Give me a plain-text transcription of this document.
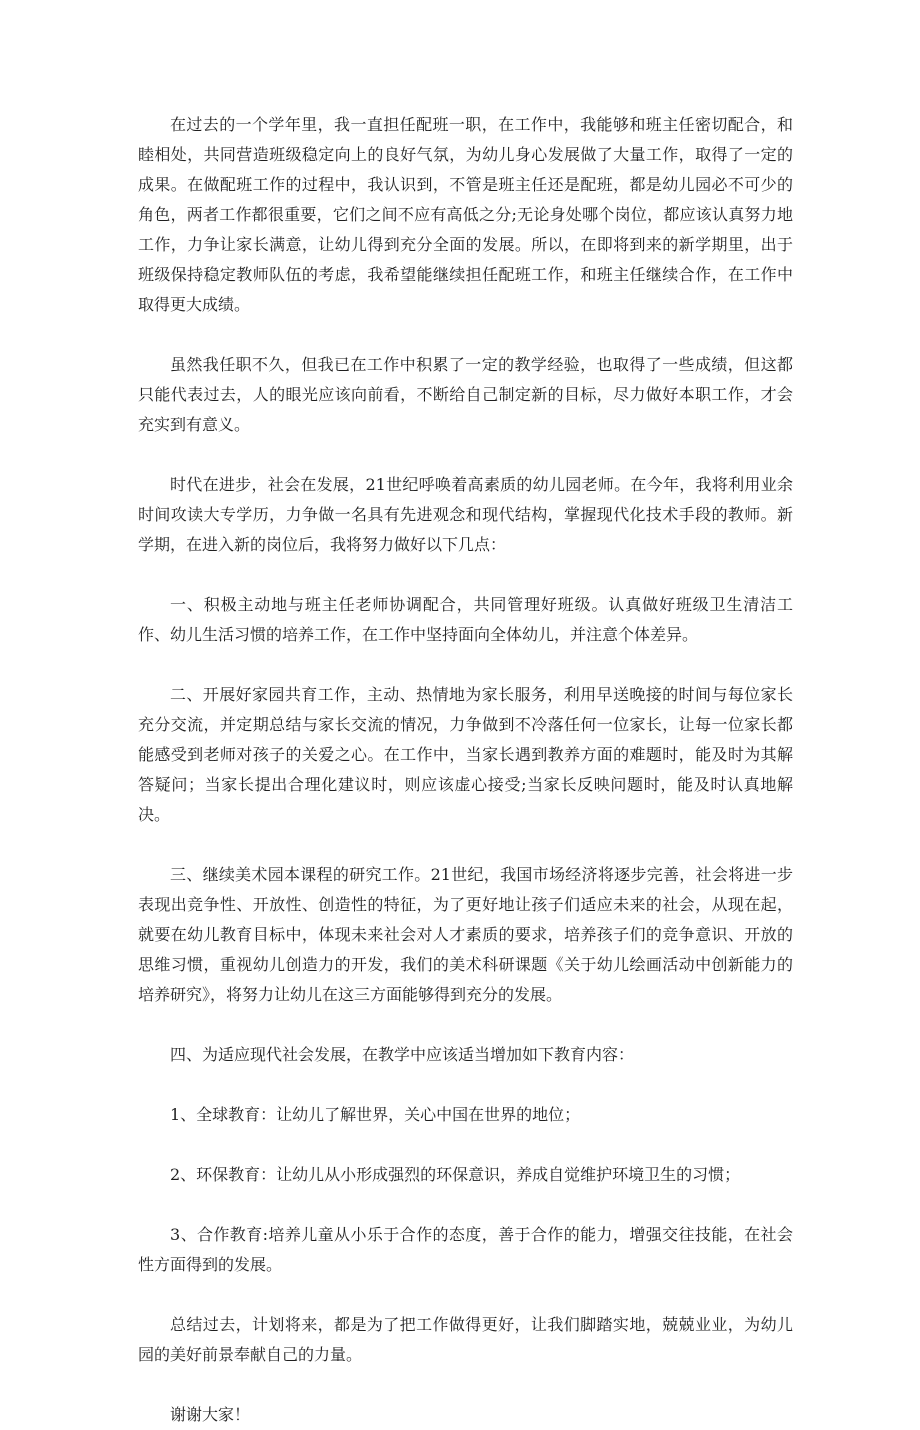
在过去的一个学年里，我一直担任配班一职，在工作中，我能够和班主任密切配合，和睦相处，共同营造班级稳定向上的良好气氛，为幼儿身心发展做了大量工作，取得了一定的成果。在做配班工作的过程中，我认识到，不管是班主任还是配班，都是幼儿园必不可少的角色，两者工作都很重要，它们之间不应有高低之分;无论身处哪个岗位，都应该认真努力地工作，力争让家长满意，让幼儿得到充分全面的发展。所以，在即将到来的新学期里，出于班级保持稳定教师队伍的考虑，我希望能继续担任配班工作，和班主任继续合作，在工作中取得更大成绩。

虽然我任职不久，但我已在工作中积累了一定的教学经验，也取得了一些成绩，但这都只能代表过去，人的眼光应该向前看，不断给自己制定新的目标，尽力做好本职工作，才会充实到有意义。

时代在进步，社会在发展，21世纪呼唤着高素质的幼儿园老师。在今年，我将利用业余时间攻读大专学历，力争做一名具有先进观念和现代结构，掌握现代化技术手段的教师。新学期，在进入新的岗位后，我将努力做好以下几点：

一、积极主动地与班主任老师协调配合，共同管理好班级。认真做好班级卫生清洁工作、幼儿生活习惯的培养工作，在工作中坚持面向全体幼儿，并注意个体差异。

二、开展好家园共育工作，主动、热情地为家长服务，利用早送晚接的时间与每位家长充分交流，并定期总结与家长交流的情况，力争做到不冷落任何一位家长，让每一位家长都能感受到老师对孩子的关爱之心。在工作中，当家长遇到教养方面的难题时，能及时为其解答疑问；当家长提出合理化建议时，则应该虚心接受;当家长反映问题时，能及时认真地解决。

三、继续美术园本课程的研究工作。21世纪，我国市场经济将逐步完善，社会将进一步表现出竞争性、开放性、创造性的特征，为了更好地让孩子们适应未来的社会，从现在起，就要在幼儿教育目标中，体现未来社会对人才素质的要求，培养孩子们的竞争意识、开放的思维习惯，重视幼儿创造力的开发，我们的美术科研课题《关于幼儿绘画活动中创新能力的培养研究》，将努力让幼儿在这三方面能够得到充分的发展。

四、为适应现代社会发展，在教学中应该适当增加如下教育内容：

1、全球教育：让幼儿了解世界，关心中国在世界的地位；

2、环保教育：让幼儿从小形成强烈的环保意识，养成自觉维护环境卫生的习惯；

3、合作教育:培养儿童从小乐于合作的态度，善于合作的能力，增强交往技能，在社会性方面得到的发展。

总结过去，计划将来，都是为了把工作做得更好，让我们脚踏实地，兢兢业业，为幼儿园的美好前景奉献自己的力量。

谢谢大家！
